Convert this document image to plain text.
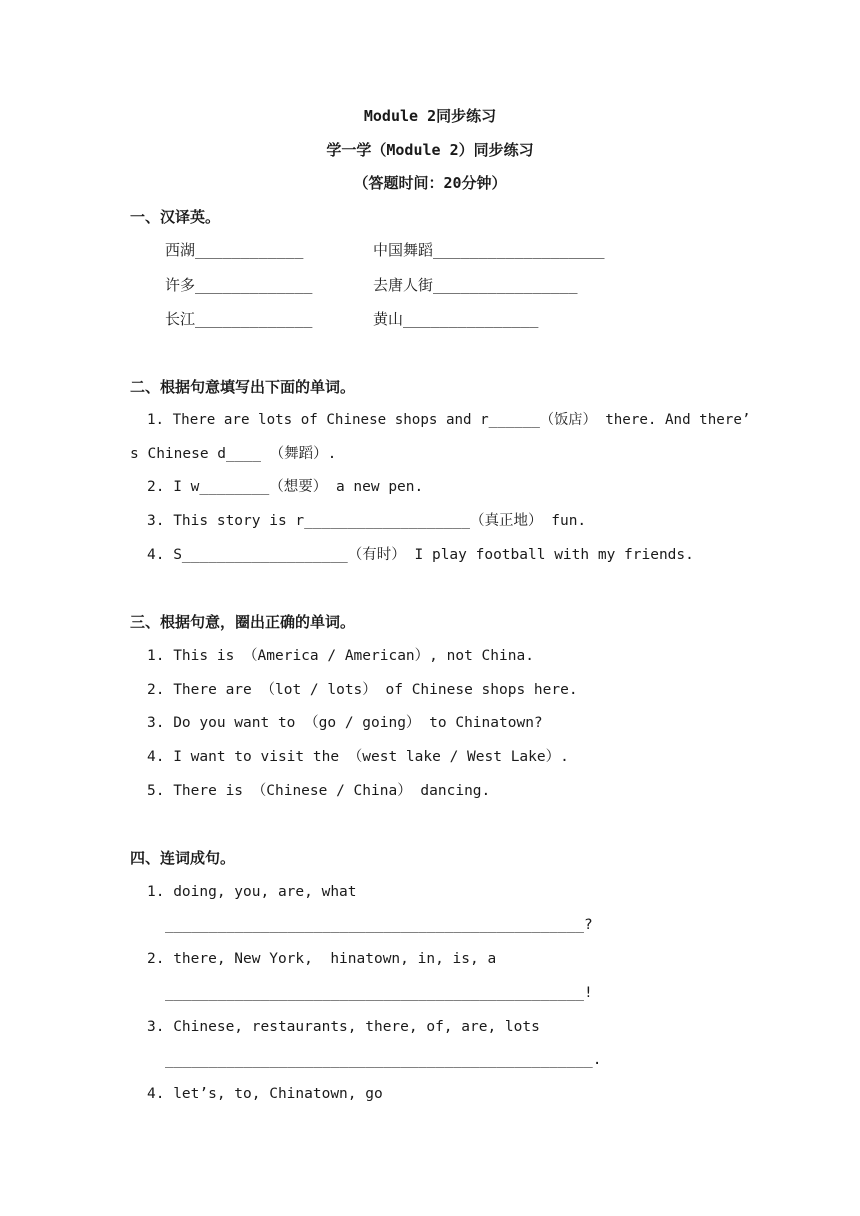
Module 2同步练习
学一学（Module 2）同步练习
（答题时间：20分钟）
一、汉译英。
西湖____________	中国舞蹈___________________
许多_____________	去唐人街________________
长江_____________	黄山_______________
二、根据句意填写出下面的单词。
1. There are lots of Chinese shops and r______（饭店） there. And there’
s Chinese d____ （舞蹈）.
2. I w________（想要） a new pen.
3. This story is r___________________（真正地） fun.
4. S___________________（有时） I play football with my friends.
三、根据句意，圈出正确的单词。
1. This is （America / American）, not China.
2. There are （lot / lots） of Chinese shops here.
3. Do you want to （go / going） to Chinatown?
4. I want to visit the （west lake / West Lake）.
5. There is （Chinese / China） dancing.
四、连词成句。
1. doing, you, are, what
________________________________________________?
2. there, New York,  hinatown, in, is, a
________________________________________________!
3. Chinese, restaurants, there, of, are, lots
_________________________________________________.
4. let’s, to, Chinatown, go
